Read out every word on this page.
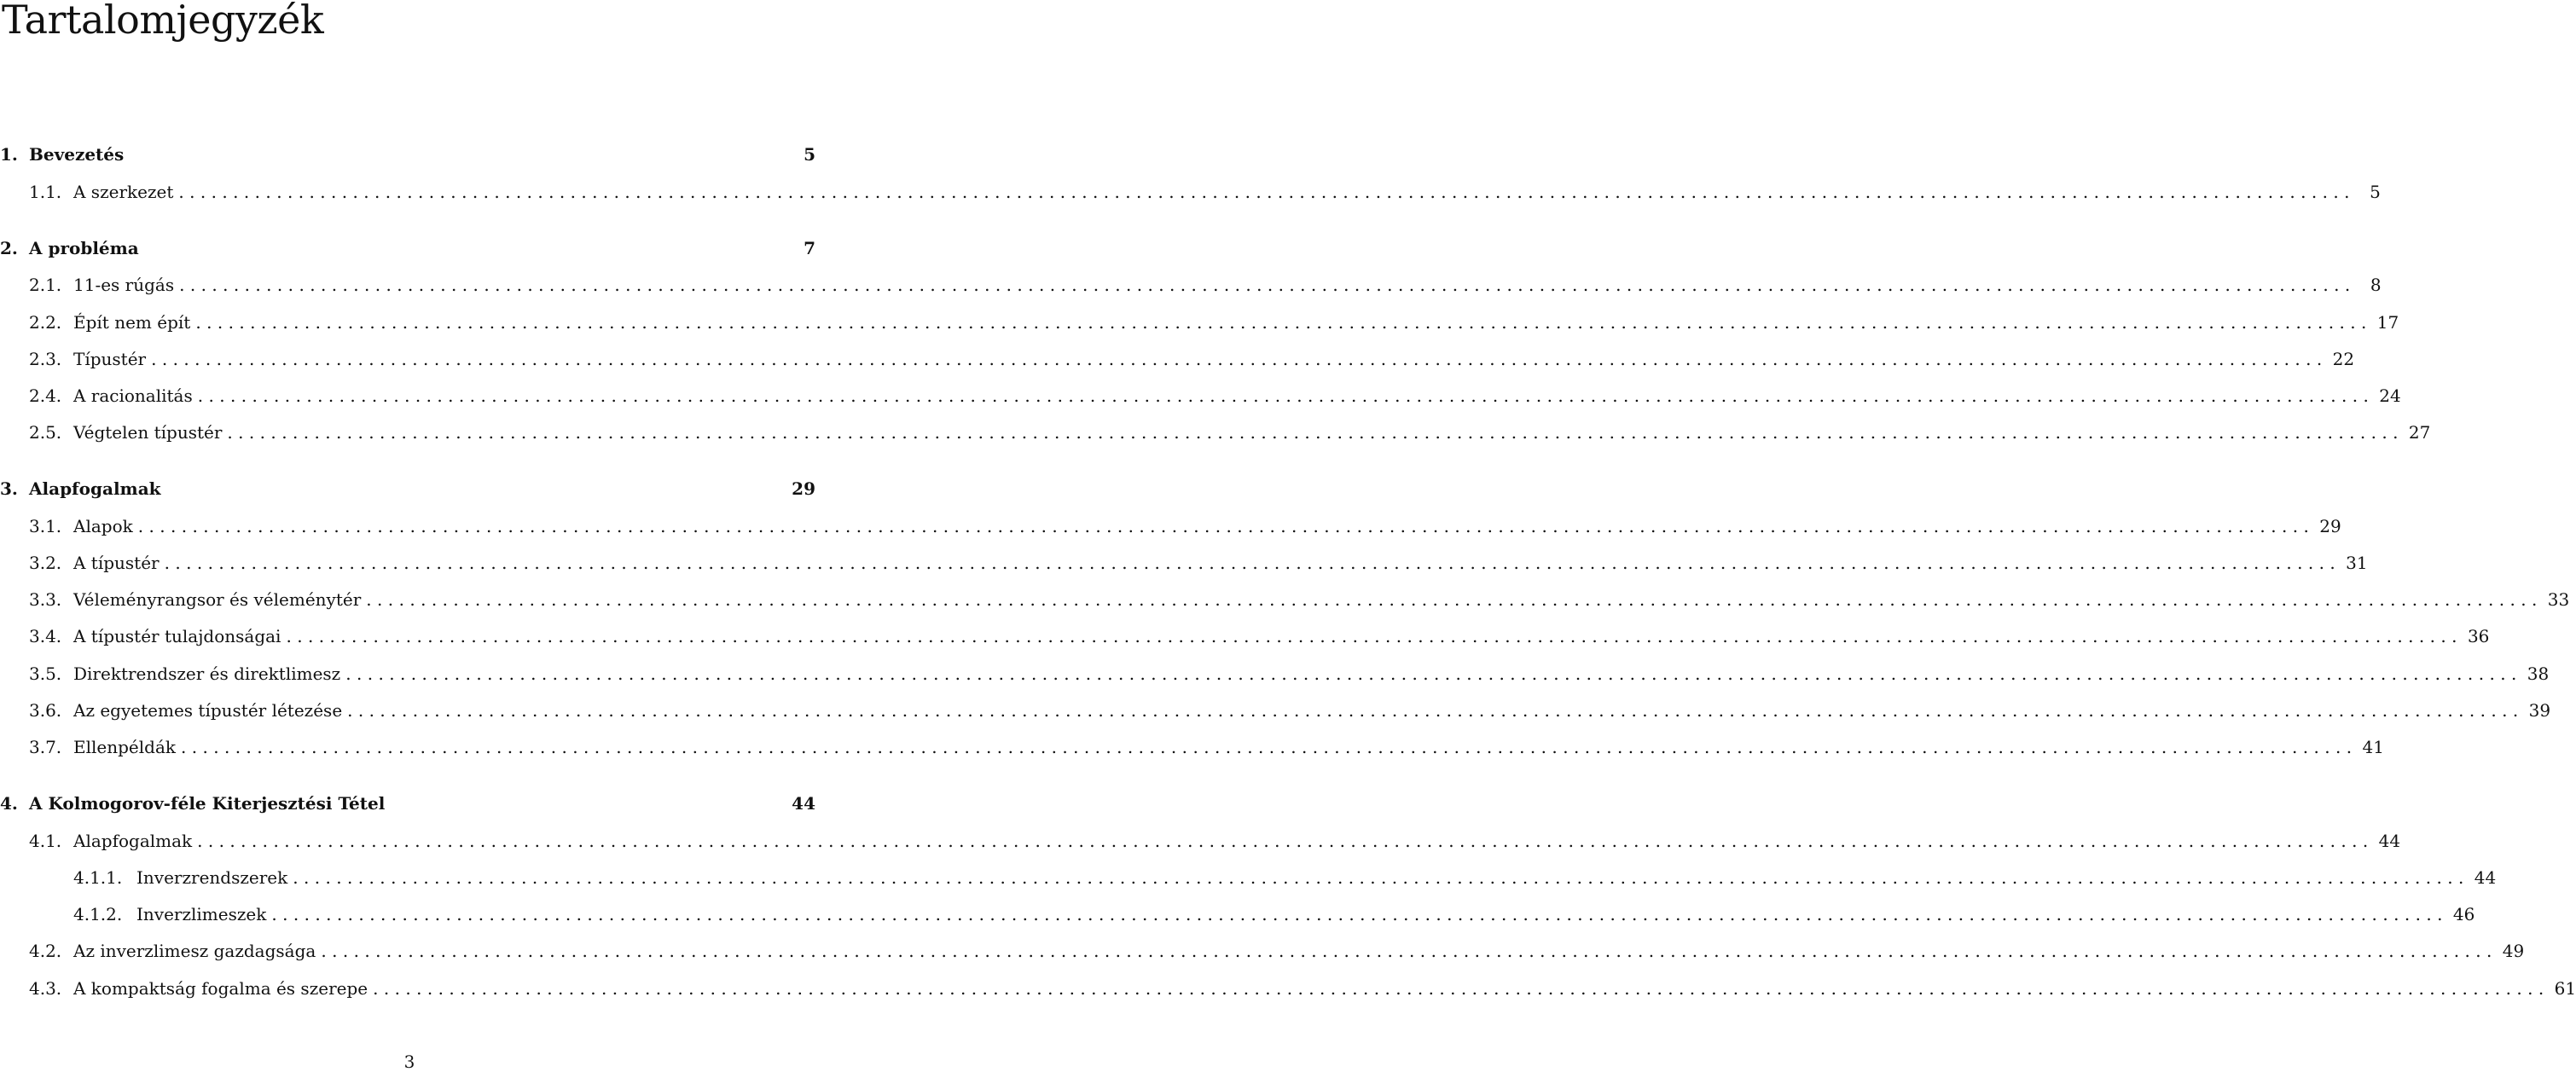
Tartalomjegyzék
1. Bevezetés	5
1.1. A szerkezet ........................................................................................................................................................................................................ 5
2. A probléma	7
2.1. 11-es rúgás ........................................................................................................................................................................................................ 8
2.2. Épít nem épít ........................................................................................................................................................................................................ 17
2.3. Típustér ........................................................................................................................................................................................................ 22
2.4. A racionalitás ........................................................................................................................................................................................................ 24
2.5. Végtelen típustér ........................................................................................................................................................................................................ 27
3. Alapfogalmak	29
3.1. Alapok ........................................................................................................................................................................................................ 29
3.2. A típustér ........................................................................................................................................................................................................ 31
3.3. Véleményrangsor és véleménytér ........................................................................................................................................................................................................ 33
3.4. A típustér tulajdonságai ........................................................................................................................................................................................................ 36
3.5. Direktrendszer és direktlimesz ........................................................................................................................................................................................................ 38
3.6. Az egyetemes típustér létezése ........................................................................................................................................................................................................ 39
3.7. Ellenpéldák ........................................................................................................................................................................................................ 41
4. A Kolmogorov-féle Kiterjesztési Tétel	44
4.1. Alapfogalmak ........................................................................................................................................................................................................ 44
4.1.1. Inverzrendszerek ........................................................................................................................................................................................................ 44
4.1.2. Inverzlimeszek ........................................................................................................................................................................................................ 46
4.2. Az inverzlimesz gazdagsága ........................................................................................................................................................................................................ 49
4.3. A kompaktság fogalma és szerepe ........................................................................................................................................................................................................ 61
3
